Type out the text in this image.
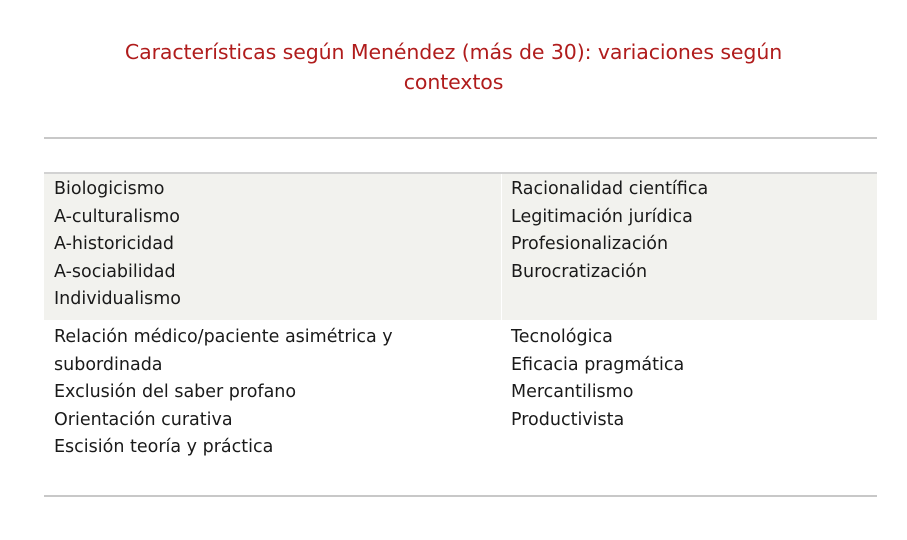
Características según Menéndez (más de 30): variaciones según
contextos
Biologicismo
A-culturalismo
A-historicidad
A-sociabilidad
Individualismo
Racionalidad científica
Legitimación jurídica
Profesionalización
Burocratización
Relación médico/paciente asimétrica y
subordinada
Exclusión del saber profano
Orientación curativa
Escisión teoría y práctica
Tecnológica
Eficacia pragmática
Mercantilismo
Productivista
